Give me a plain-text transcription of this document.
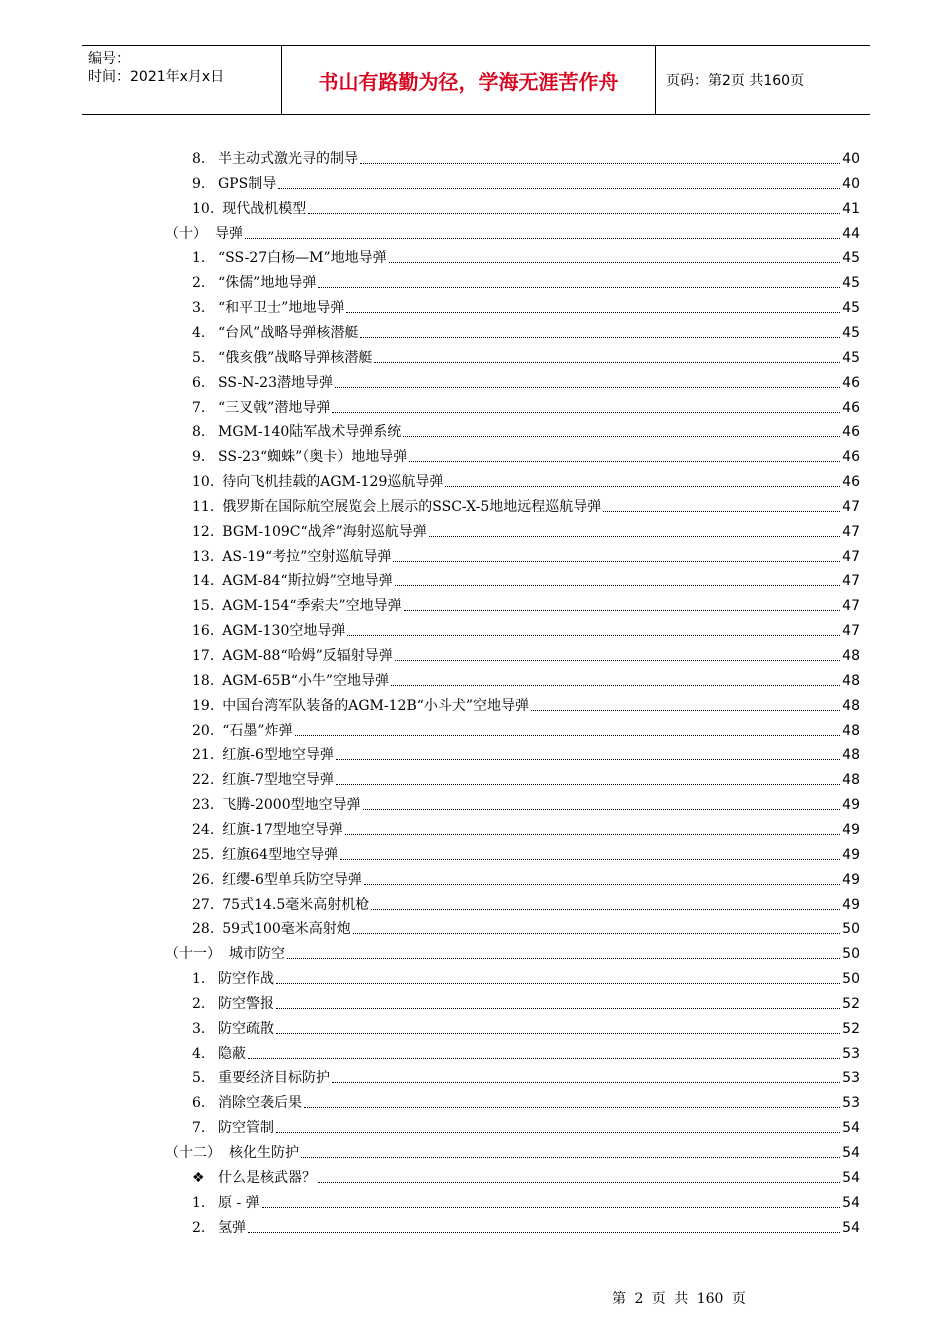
编号：
时间：2021年x月x日	书山有路勤为径，学海无涯苦作舟	页码：第2页 共160页
8. 半主动式激光寻的制导	40
9. GPS制导	40
10. 现代战机模型	41
（十） 导弹	44
1. “SS-27白杨—M”地地导弹	45
2. “侏儒”地地导弹	45
3. “和平卫士”地地导弹	45
4. “台风”战略导弹核潜艇	45
5. “俄亥俄”战略导弹核潜艇	45
6. SS-N-23潜地导弹	46
7. “三叉戟”潜地导弹	46
8. MGM-140陆军战术导弹系统	46
9. SS-23“蜘蛛”（奥卡）地地导弹	46
10. 待向飞机挂载的AGM-129巡航导弹	46
11. 俄罗斯在国际航空展览会上展示的SSC-X-5地地远程巡航导弹	47
12. BGM-109C“战斧”海射巡航导弹	47
13. AS-19“考拉”空射巡航导弹	47
14. AGM-84“斯拉姆”空地导弹	47
15. AGM-154“季索夫”空地导弹	47
16. AGM-130空地导弹	47
17. AGM-88“哈姆”反辐射导弹	48
18. AGM-65B“小牛”空地导弹	48
19. 中国台湾军队装备的AGM-12B“小斗犬”空地导弹	48
20. “石墨”炸弹	48
21. 红旗-6型地空导弹	48
22. 红旗-7型地空导弹	48
23. 飞腾-2000型地空导弹	49
24. 红旗-17型地空导弹	49
25. 红旗64型地空导弹	49
26. 红缨-6型单兵防空导弹	49
27. 75式14.5毫米高射机枪	49
28. 59式100毫米高射炮	50
（十一） 城市防空	50
1. 防空作战	50
2. 防空警报	52
3. 防空疏散	52
4. 隐蔽	53
5. 重要经济目标防护	53
6. 消除空袭后果	53
7. 防空管制	54
（十二） 核化生防护	54
❖ 什么是核武器？	54
1. 原 - 弹	54
2. 氢弹	54
第 2 页 共 160 页
